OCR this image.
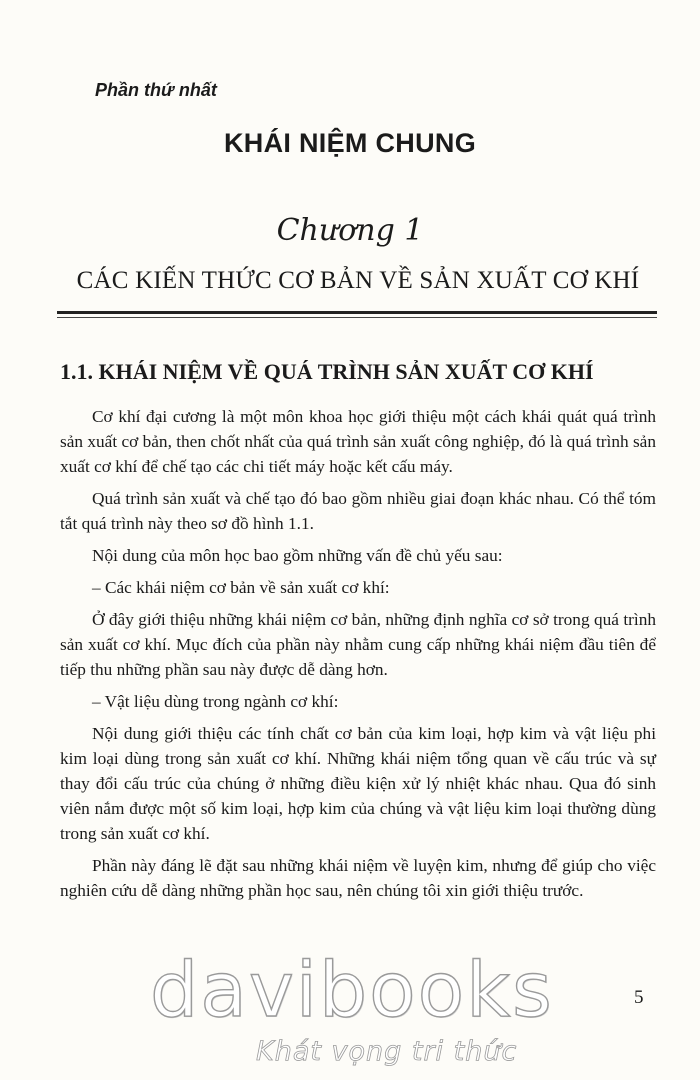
Phần thứ nhất
KHÁI NIỆM CHUNG
Chương 1
CÁC KIẾN THỨC CƠ BẢN VỀ SẢN XUẤT CƠ KHÍ
1.1. KHÁI NIỆM VỀ QUÁ TRÌNH SẢN XUẤT CƠ KHÍ

Cơ khí đại cương là một môn khoa học giới thiệu một cách khái quát quá trình sản xuất cơ bản, then chốt nhất của quá trình sản xuất công nghiệp, đó là quá trình sản xuất cơ khí để chế tạo các chi tiết máy hoặc kết cấu máy.

Quá trình sản xuất và chế tạo đó bao gồm nhiều giai đoạn khác nhau. Có thể tóm tắt quá trình này theo sơ đồ hình 1.1.

Nội dung của môn học bao gồm những vấn đề chủ yếu sau:

– Các khái niệm cơ bản về sản xuất cơ khí:

Ở đây giới thiệu những khái niệm cơ bản, những định nghĩa cơ sở trong quá trình sản xuất cơ khí. Mục đích của phần này nhằm cung cấp những khái niệm đầu tiên để tiếp thu những phần sau này được dễ dàng hơn.

– Vật liệu dùng trong ngành cơ khí:

Nội dung giới thiệu các tính chất cơ bản của kim loại, hợp kim và vật liệu phi kim loại dùng trong sản xuất cơ khí. Những khái niệm tổng quan về cấu trúc và sự thay đổi cấu trúc của chúng ở những điều kiện xử lý nhiệt khác nhau. Qua đó sinh viên nắm được một số kim loại, hợp kim của chúng và vật liệu kim loại thường dùng trong sản xuất cơ khí.

Phần này đáng lẽ đặt sau những khái niệm về luyện kim, nhưng để giúp cho việc nghiên cứu dễ dàng những phần học sau, nên chúng tôi xin giới thiệu trước.

5
davibooks
Khát vọng tri thức
